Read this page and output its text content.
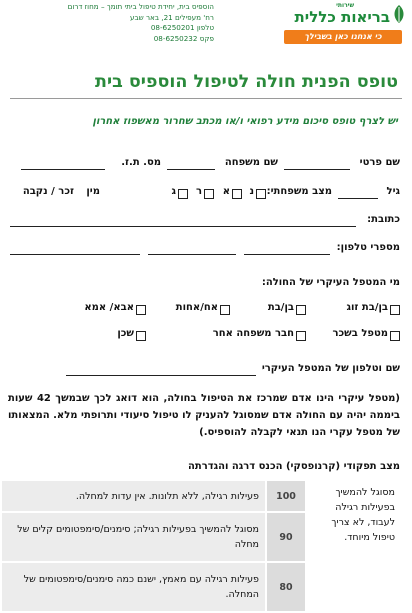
שירותי
בריאות כללית
כי אנחנו כאן בשבילך
הוספיס בית, יחידת טיפול ביתי תומך – מחוז דרום
רח' מעפילים 21, באר שבע
טלפון 08-6250201
פקס 08-6250232
טופס הפנית חולה לטיפול הוספיס בית
יש לצרף טופס סיכום מידע רפואי ו/או מכתב שחרור מאשפוז אחרון
שם פרטי
שם משפחה
מס. ת.ז.
גיל
מצב משפחתי:
נ
א
ר
ג
מין
זכר / נקבה
כתובת:
מספרי טלפון:
מי המטפל העיקרי של החולה:
בן/בת זוג
בן/בת
אח/אחות
אבא/ אמא
מטפל בשכר
חבר משפחה אחר
שכן
שם וטלפון של המטפל העיקרי
(מטפל עיקרי הינו אדם שמרכז את הטיפול בחולה, הוא דואג לכך שבמשך 42 שעות ביממה יהיה עם החולה אדם שמסוגל להעניק לו טיפול סיעודי ותרופתי מלא. המצאותו של מטפל עקרי הנו תנאי לקבלה להוספיס.)
מצב תפקודי (קרנופסקי) הכנס דרגה והגדרתה
מסוגל להמשיך בפעילות רגילה לעבוד, לא צריך טיפול מיוחד.	100	פעילות רגילה, ללא תלונות. אין עדות למחלה.
	90	מסוגל להמשיך בפעילות רגילה; סימנים/סימפטומים קלים של מחלה
	80	פעילות רגילה עם מאמץ, ישנם כמה סימנים/סימפטומים של המחלה.
